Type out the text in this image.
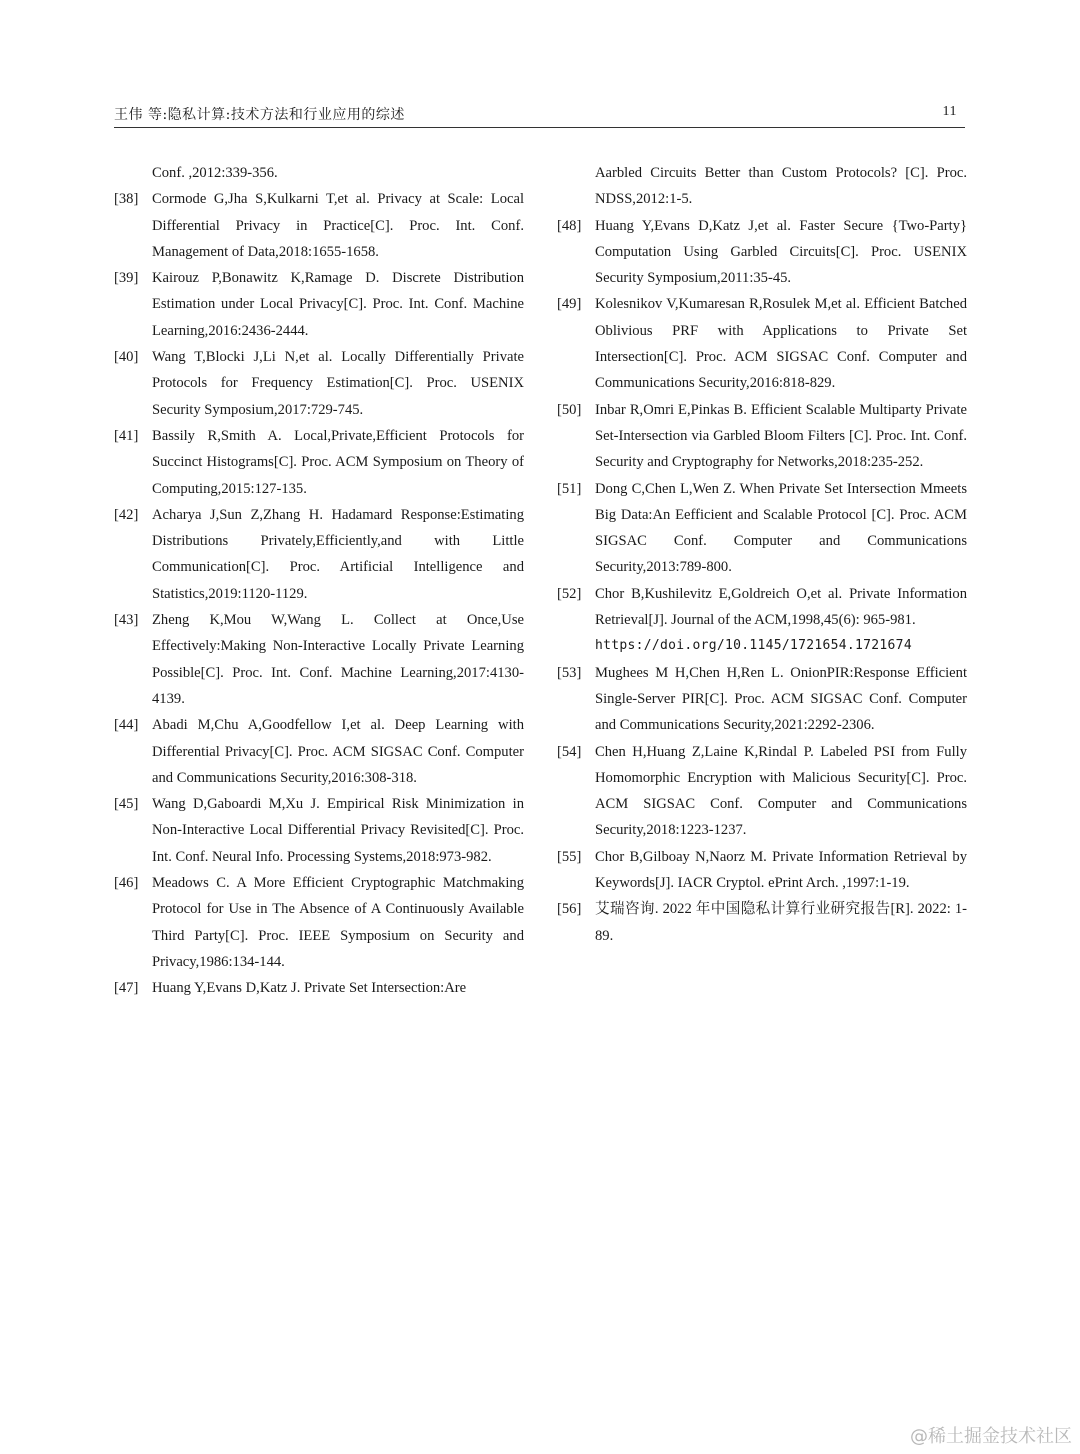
王伟 等:隐私计算:技术方法和行业应用的综述	11

Conf. ,2012:339-356.

[38] Cormode G,Jha S,Kulkarni T,et al. Privacy at Scale: Local Differential Privacy in Practice[C]. Proc. Int. Conf. Management of Data,2018:1655-1658.

[39] Kairouz P,Bonawitz K,Ramage D. Discrete Distribution Estimation under Local Privacy[C]. Proc. Int. Conf. Machine Learning,2016:2436-2444.

[40] Wang T,Blocki J,Li N,et al. Locally Differentially Private Protocols for Frequency Estimation[C]. Proc. USENIX Security Symposium,2017:729-745.

[41] Bassily R,Smith A. Local,Private,Efficient Protocols for Succinct Histograms[C]. Proc. ACM Symposium on Theory of Computing,2015:127-135.

[42] Acharya J,Sun Z,Zhang H. Hadamard Response:Estimating Distributions Privately,Efficiently,and with Little Communication[C]. Proc. Artificial Intelligence and Statistics,2019:1120-1129.

[43] Zheng K,Mou W,Wang L. Collect at Once,Use Effectively:Making Non-Interactive Locally Private Learning Possible[C]. Proc. Int. Conf. Machine Learning,2017:4130-4139.

[44] Abadi M,Chu A,Goodfellow I,et al. Deep Learning with Differential Privacy[C]. Proc. ACM SIGSAC Conf. Computer and Communications Security,2016:308-318.

[45] Wang D,Gaboardi M,Xu J. Empirical Risk Minimization in Non-Interactive Local Differential Privacy Revisited[C]. Proc. Int. Conf. Neural Info. Processing Systems,2018:973-982.

[46] Meadows C. A More Efficient Cryptographic Matchmaking Protocol for Use in The Absence of A Continuously Available Third Party[C]. Proc. IEEE Symposium on Security and Privacy,1986:134-144.

[47] Huang Y,Evans D,Katz J. Private Set Intersection:Are

Aarbled Circuits Better than Custom Protocols? [C]. Proc. NDSS,2012:1-5.

[48] Huang Y,Evans D,Katz J,et al. Faster Secure {Two-Party} Computation Using Garbled Circuits[C]. Proc. USENIX Security Symposium,2011:35-45.

[49] Kolesnikov V,Kumaresan R,Rosulek M,et al. Efficient Batched Oblivious PRF with Applications to Private Set Intersection[C]. Proc. ACM SIGSAC Conf. Computer and Communications Security,2016:818-829.

[50] Inbar R,Omri E,Pinkas B. Efficient Scalable Multiparty Private Set-Intersection via Garbled Bloom Filters [C]. Proc. Int. Conf. Security and Cryptography for Networks,2018:235-252.

[51] Dong C,Chen L,Wen Z. When Private Set Intersection Mmeets Big Data:An Eefficient and Scalable Protocol [C]. Proc. ACM SIGSAC Conf. Computer and Communications Security,2013:789-800.

[52] Chor B,Kushilevitz E,Goldreich O,et al. Private Information Retrieval[J]. Journal of the ACM,1998,45(6): 965-981.

https://doi.org/10.1145/1721654.1721674

[53] Mughees M H,Chen H,Ren L. OnionPIR:Response Efficient Single-Server PIR[C]. Proc. ACM SIGSAC Conf. Computer and Communications Security,2021:2292-2306.

[54] Chen H,Huang Z,Laine K,Rindal P. Labeled PSI from Fully Homomorphic Encryption with Malicious Security[C]. Proc. ACM SIGSAC Conf. Computer and Communications Security,2018:1223-1237.

[55] Chor B,Gilboay N,Naorz M. Private Information Retrieval by Keywords[J]. IACR Cryptol. ePrint Arch. ,1997:1-19.

[56] 艾瑞咨询. 2022 年中国隐私计算行业研究报告[R]. 2022: 1-89.

@稀土掘金技术社区
